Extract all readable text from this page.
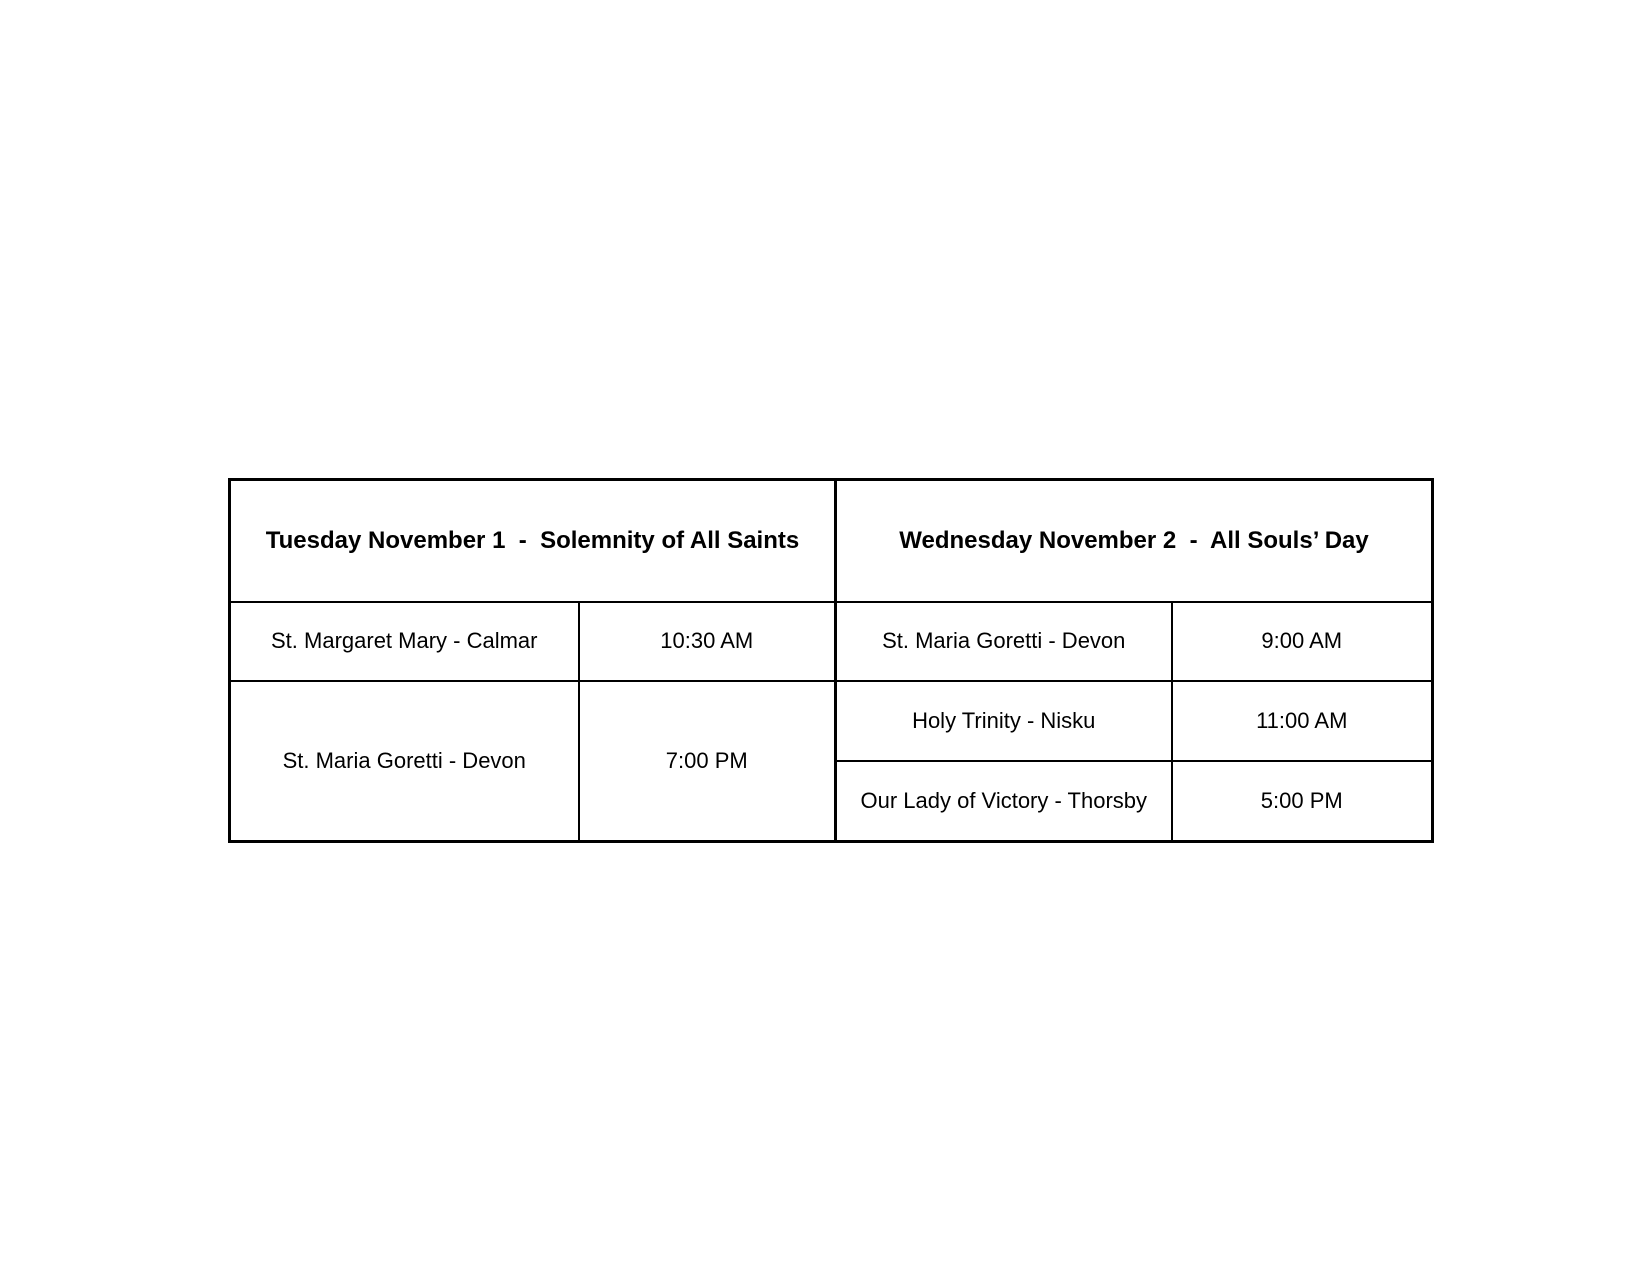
Tuesday November 1  -  Solemnity of All Saints		Wednesday November 2  -  All Souls’ Day	
St. Margaret Mary - Calmar	10:30 AM	St. Maria Goretti - Devon	9:00 AM
St. Maria Goretti - Devon	7:00 PM	Holy Trinity - Nisku	11:00 AM
		Our Lady of Victory - Thorsby	5:00 PM
